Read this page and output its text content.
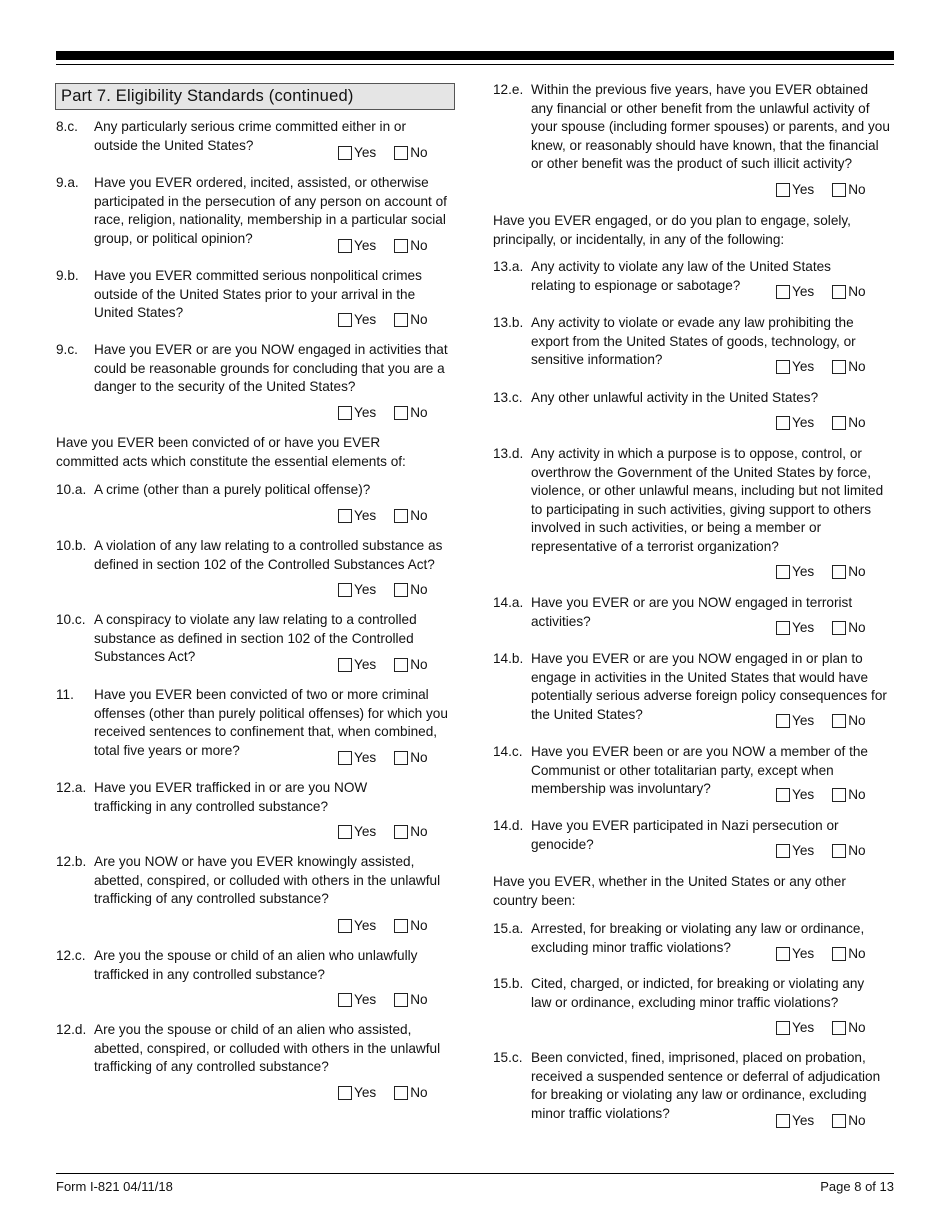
Part 7. Eligibility Standards (continued)
8.c. Any particularly serious crime committed either in or outside the United States?
Yes	No
9.a. Have you EVER ordered, incited, assisted, or otherwise participated in the persecution of any person on account of race, religion, nationality, membership in a particular social group, or political opinion?	Yes	No
9.b. Have you EVER committed serious nonpolitical crimes outside of the United States prior to your arrival in the United States?	Yes	No
9.c. Have you EVER or are you NOW engaged in activities that could be reasonable grounds for concluding that you are a danger to the security of the United States?
Yes	No
Have you EVER been convicted of or have you EVER committed acts which constitute the essential elements of:
10.a. A crime (other than a purely political offense)?
Yes	No
10.b. A violation of any law relating to a controlled substance as defined in section 102 of the Controlled Substances Act?
Yes	No
10.c. A conspiracy to violate any law relating to a controlled substance as defined in section 102 of the Controlled Substances Act?
Yes	No
11. Have you EVER been convicted of two or more criminal offenses (other than purely political offenses) for which you received sentences to confinement that, when combined, total five years or more?	Yes	No
12.a. Have you EVER trafficked in or are you NOW trafficking in any controlled substance?
Yes	No
12.b. Are you NOW or have you EVER knowingly assisted, abetted, conspired, or colluded with others in the unlawful trafficking of any controlled substance?
Yes	No
12.c. Are you the spouse or child of an alien who unlawfully trafficked in any controlled substance?
Yes	No
12.d. Are you the spouse or child of an alien who assisted, abetted, conspired, or colluded with others in the unlawful trafficking of any controlled substance?
Yes	No
12.e. Within the previous five years, have you EVER obtained any financial or other benefit from the unlawful activity of your spouse (including former spouses) or parents, and you knew, or reasonably should have known, that the financial or other benefit was the product of such illicit activity?
Yes	No
Have you EVER engaged, or do you plan to engage, solely, principally, or incidentally, in any of the following:
13.a. Any activity to violate any law of the United States relating to espionage or sabotage?	Yes	No
13.b. Any activity to violate or evade any law prohibiting the export from the United States of goods, technology, or sensitive information?	Yes	No
13.c. Any other unlawful activity in the United States?
Yes	No
13.d. Any activity in which a purpose is to oppose, control, or overthrow the Government of the United States by force, violence, or other unlawful means, including but not limited to participating in such activities, giving support to others involved in such activities, or being a member or representative of a terrorist organization?
Yes	No
14.a. Have you EVER or are you NOW engaged in terrorist activities?	Yes	No
14.b. Have you EVER or are you NOW engaged in or plan to engage in activities in the United States that would have potentially serious adverse foreign policy consequences for the United States?	Yes	No
14.c. Have you EVER been or are you NOW a member of the Communist or other totalitarian party, except when membership was involuntary?	Yes	No
14.d. Have you EVER participated in Nazi persecution or genocide?	Yes	No
Have you EVER, whether in the United States or any other country been:
15.a. Arrested, for breaking or violating any law or ordinance, excluding minor traffic violations?	Yes	No
15.b. Cited, charged, or indicted, for breaking or violating any law or ordinance, excluding minor traffic violations?
Yes	No
15.c. Been convicted, fined, imprisoned, placed on probation, received a suspended sentence or deferral of adjudication for breaking or violating any law or ordinance, excluding minor traffic violations?	Yes	No
Form I-821 04/11/18	Page 8 of 13
